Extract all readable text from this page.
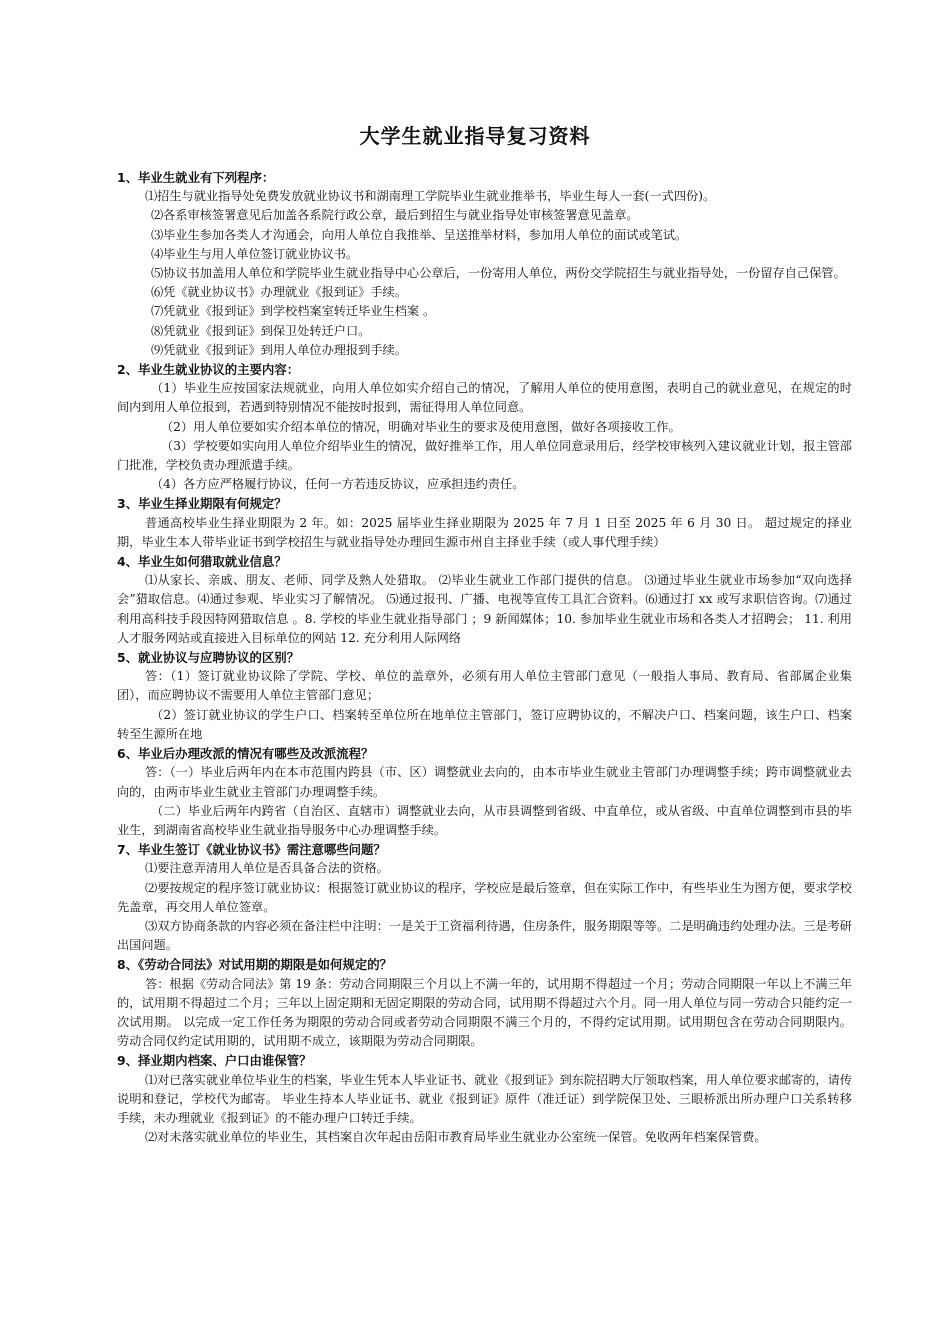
大学生就业指导复习资料

1、毕业生就业有下列程序：

⑴招生与就业指导处免费发放就业协议书和湖南理工学院毕业生就业推举书，毕业生每人一套(一式四份)。

⑵各系审核签署意见后加盖各系院行政公章，最后到招生与就业指导处审核签署意见盖章。

⑶毕业生参加各类人才沟通会，向用人单位自我推举、呈送推举材料，参加用人单位的面试或笔试。

⑷毕业生与用人单位签订就业协议书。

⑸协议书加盖用人单位和学院毕业生就业指导中心公章后，一份寄用人单位，两份交学院招生与就业指导处，一份留存自己保管。

⑹凭《就业协议书》办理就业《报到证》手续。

⑺凭就业《报到证》到学校档案室转迁毕业生档案 。

⑻凭就业《报到证》到保卫处转迁户口。

⑼凭就业《报到证》到用人单位办理报到手续。

2、毕业生就业协议的主要内容：

（1）毕业生应按国家法规就业，向用人单位如实介绍自己的情况，了解用人单位的使用意图，表明自己的就业意见，在规定的时间内到用人单位报到，若遇到特别情况不能按时报到，需征得用人单位同意。

（2）用人单位要如实介绍本单位的情况，明确对毕业生的要求及使用意图，做好各项接收工作。

（3）学校要如实向用人单位介绍毕业生的情况，做好推举工作，用人单位同意录用后，经学校审核列入建议就业计划，报主管部门批准，学校负责办理派遣手续。

（4）各方应严格履行协议，任何一方若违反协议，应承担违约责任。

3、毕业生择业期限有何规定？

普通高校毕业生择业期限为 2 年。如：2025 届毕业生择业期限为 2025 年 7 月 1 日至 2025 年 6 月 30 日。 超过规定的择业期，毕业生本人带毕业证书到学校招生与就业指导处办理回生源市州自主择业手续（或人事代理手续）

4、毕业生如何猎取就业信息？

⑴从家长、亲戚、朋友、老师、同学及熟人处猎取。 ⑵毕业生就业工作部门提供的信息。 ⑶通过毕业生就业市场参加“双向选择会”猎取信息。⑷通过参观、毕业实习了解情况。 ⑸通过报刊、广播、电视等宣传工具汇合资料。⑹通过打 xx 或写求职信咨询。⑺通过利用高科技手段因特网猎取信息 。8. 学校的毕业生就业指导部门 ；9 新闻媒体；10. 参加毕业生就业市场和各类人才招聘会； 11. 利用人才服务网站或直接进入目标单位的网站 12. 充分利用人际网络

5、就业协议与应聘协议的区别？

答：（1）签订就业协议除了学院、学校、单位的盖章外，必须有用人单位主管部门意见（一般指人事局、教育局、省部属企业集团），而应聘协议不需要用人单位主管部门意见；

（2）签订就业协议的学生户口、档案转至单位所在地单位主管部门，签订应聘协议的，不解决户口、档案问题，该生户口、档案转至生源所在地

6、毕业后办理改派的情况有哪些及改派流程？

答：（一）毕业后两年内在本市范围内跨县（市、区）调整就业去向的，由本市毕业生就业主管部门办理调整手续；跨市调整就业去向的，由两市毕业生就业主管部门办理调整手续。

（二）毕业后两年内跨省（自治区、直辖市）调整就业去向，从市县调整到省级、中直单位，或从省级、中直单位调整到市县的毕业生，到湖南省高校毕业生就业指导服务中心办理调整手续。

7、毕业生签订《就业协议书》需注意哪些问题？

⑴要注意弄清用人单位是否具备合法的资格。

⑵要按规定的程序签订就业协议：根据签订就业协议的程序，学校应是最后签章，但在实际工作中，有些毕业生为图方便，要求学校先盖章，再交用人单位签章。

⑶双方协商条款的内容必须在备注栏中注明：一是关于工资福利待遇，住房条件，服务期限等等。二是明确违约处理办法。三是考研出国问题。

8、《劳动合同法》对试用期的期限是如何规定的？

答：根据《劳动合同法》第 19 条：劳动合同期限三个月以上不满一年的，试用期不得超过一个月；劳动合同期限一年以上不满三年的，试用期不得超过二个月；三年以上固定期和无固定期限的劳动合同，试用期不得超过六个月。同一用人单位与同一劳动合只能约定一次试用期。 以完成一定工作任务为期限的劳动合同或者劳动合同期限不满三个月的，不得约定试用期。试用期包含在劳动合同期限内。劳动合同仅约定试用期的，试用期不成立，该期限为劳动合同期限。

9、择业期内档案、户口由谁保管？

⑴对已落实就业单位毕业生的档案，毕业生凭本人毕业证书、就业《报到证》到东院招聘大厅领取档案，用人单位要求邮寄的，请传说明和登记，学校代为邮寄。 毕业生持本人毕业证书、就业《报到证》原件（准迁证）到学院保卫处、三眼桥派出所办理户口关系转移手续，未办理就业《报到证》的不能办理户口转迁手续。

⑵对未落实就业单位的毕业生，其档案自次年起由岳阳市教育局毕业生就业办公室统一保管。免收两年档案保管费。
